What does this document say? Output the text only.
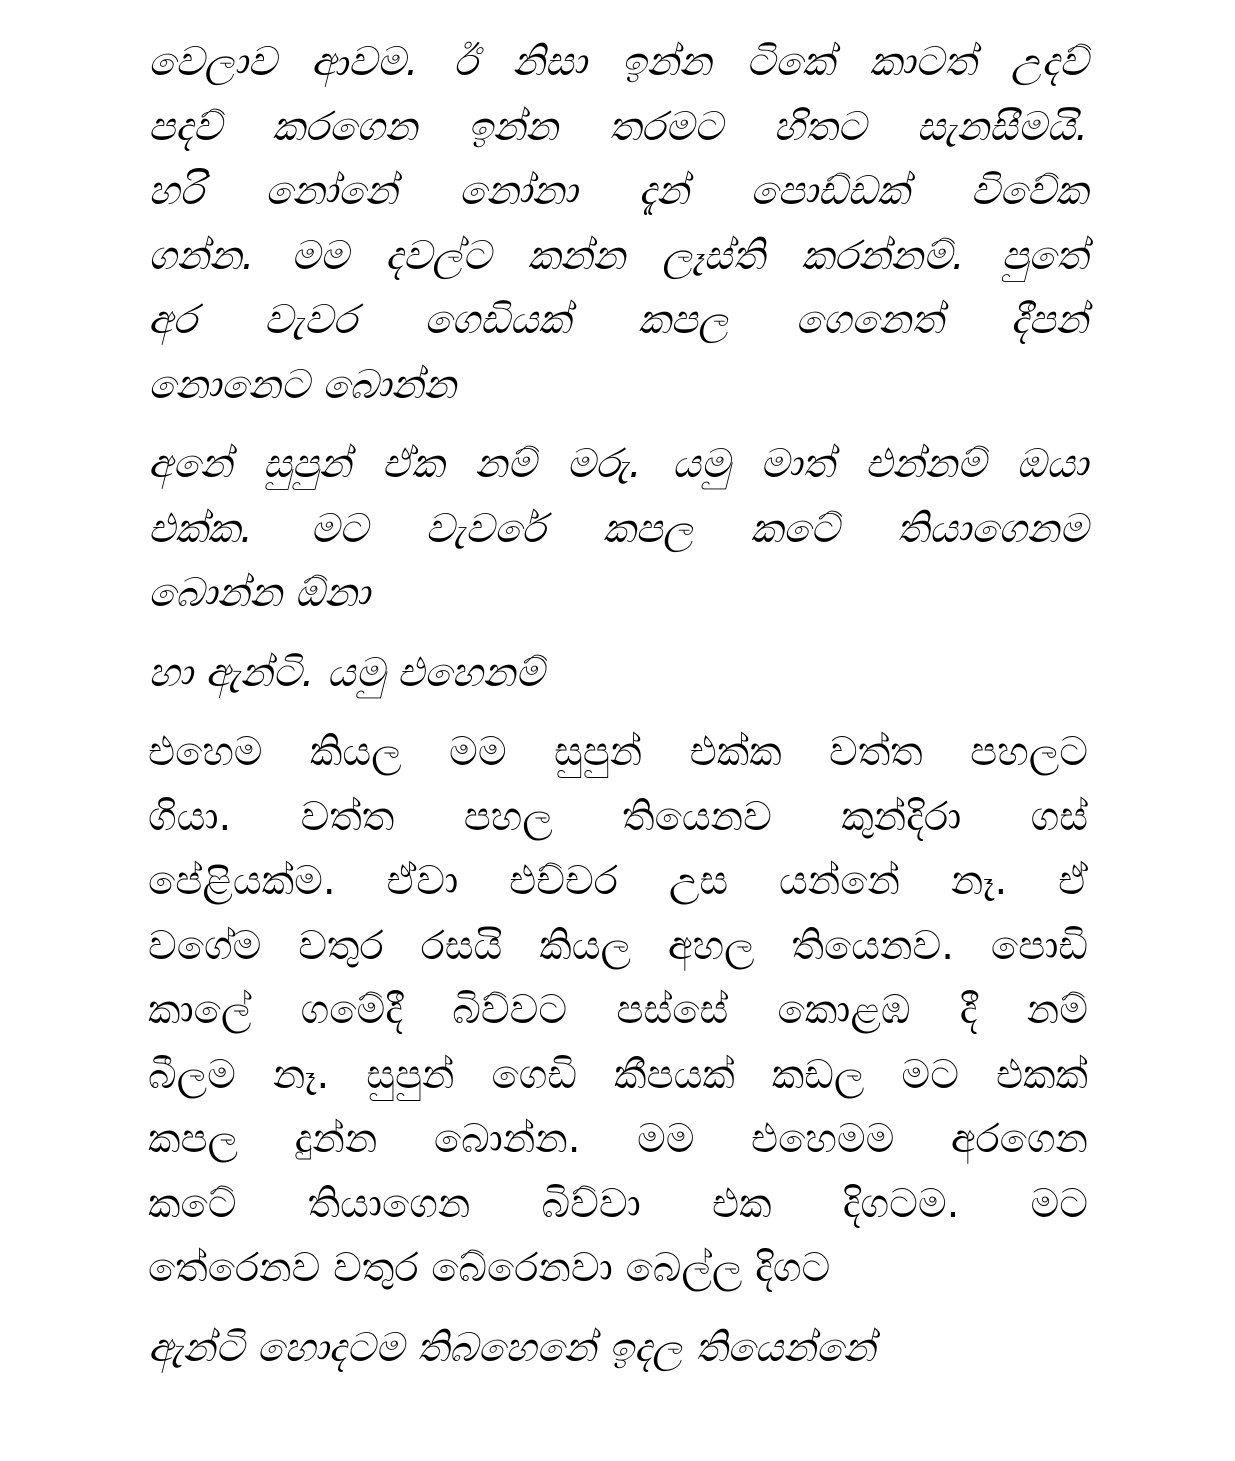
වෙලාව ආවම. ඊ නිසා ඉන්න ටිකේ කාටත් උදව්
පදව් කරගෙන ඉන්න තරමට හිතට සැනසීමයි.
හරි නෝනේ නෝනා දැන් පොඩ්ඩක් විවේක
ගන්න. මම දවල්ට කන්න ලෑස්ති කරන්නම්. පුතේ
අර වැවර ගෙඩියක් කපල ගෙනෙත් දීපන්
නොනෙට බොන්න
අනේ සුපුන් ඒක නම් මරු. යමු මාත් එන්නම් ඔයා
එක්ක. මට වැවරේ කපල කටේ තියාගෙනම
බොන්න ඕනා
හා ඇන්ටි. යමු එහෙනම්
එහෙම කියල මම සුපුන් එක්ක වත්ත පහලට
ගියා. වත්ත පහල තියෙනව කුන්දිරා ගස්
පේළියක්ම. ඒවා එච්චර උස යන්නේ නෑ. ඒ
වගේම වතුර රසයි කියල අහල තියෙනව. පොඩි
කාලේ ගමේදී බිව්වට පස්සේ කොළඹ දී නම්
බීලම නෑ. සුපුන් ගෙඩි කීපයක් කඩල මට එකක්
කපල දුන්න බොන්න. මම එහෙමම අරගෙන
කටේ තියාගෙන බිව්වා එක දිගටම. මට
තේරෙනව වතුර බේරෙනවා බෙල්ල දිගට
ඇන්ටි හොදටම තිබහෙනේ ඉදල තියෙන්නේ
